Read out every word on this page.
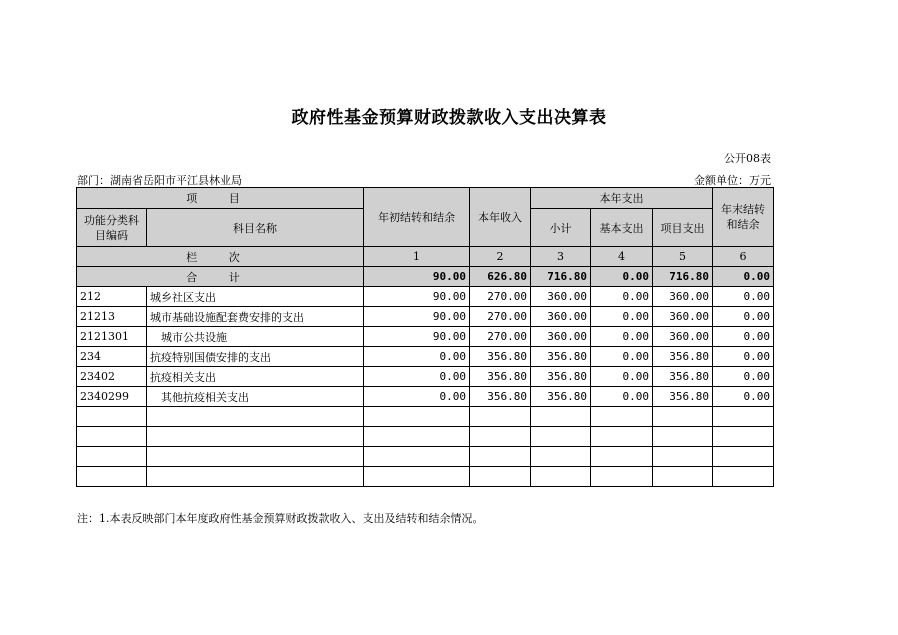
政府性基金预算财政拨款收入支出决算表
公开08表
部门：湖南省岳阳市平江县林业局	金额单位：万元
项 目		年初结转和结余	本年收入	本年支出			年末结转和结余
功能分类科目编码	科目名称			小计	基本支出	项目支出	

栏 次		1	2	3	4	5	6
合 计		90.00	626.80	716.80	0.00	716.80	0.00
212	城乡社区支出	90.00	270.00	360.00	0.00	360.00	0.00
21213	城市基础设施配套费安排的支出	90.00	270.00	360.00	0.00	360.00	0.00
2121301	城市公共设施	90.00	270.00	360.00	0.00	360.00	0.00
234	抗疫特别国债安排的支出	0.00	356.80	356.80	0.00	356.80	0.00
23402	抗疫相关支出	0.00	356.80	356.80	0.00	356.80	0.00
2340299	其他抗疫相关支出	0.00	356.80	356.80	0.00	356.80	0.00

注：1.本表反映部门本年度政府性基金预算财政拨款收入、支出及结转和结余情况。
